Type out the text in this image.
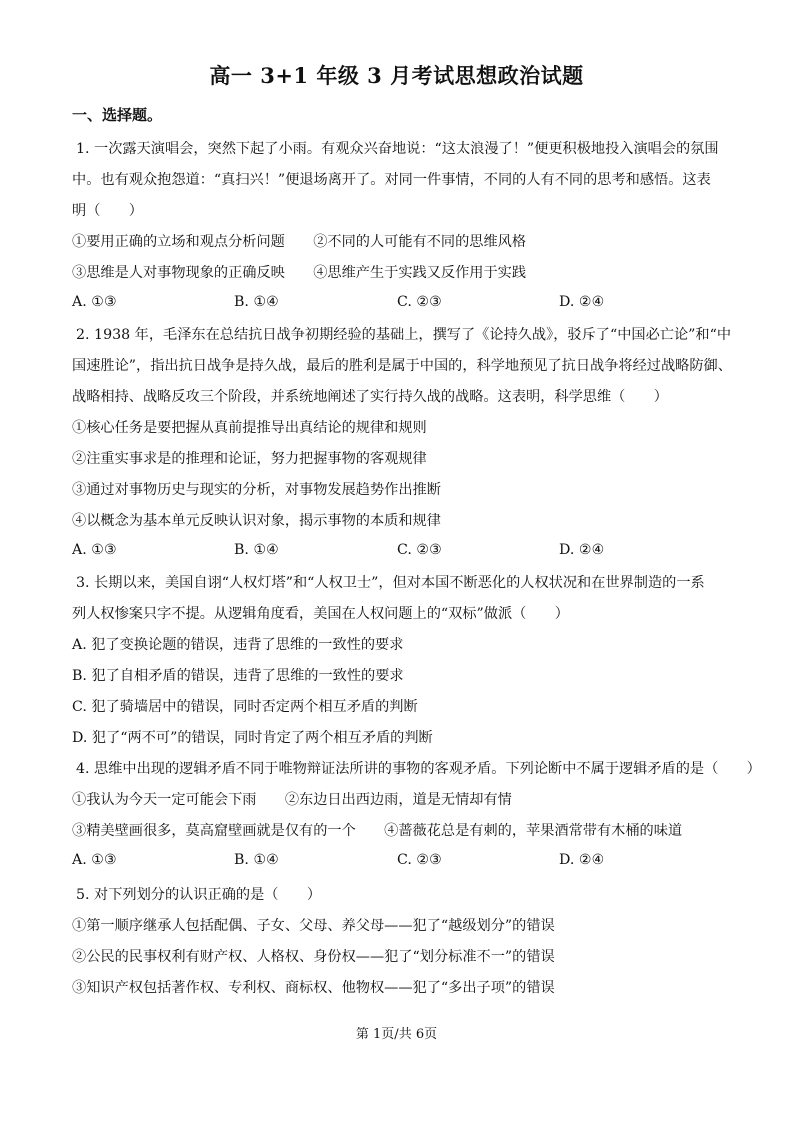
高一 3+1 年级 3 月考试思想政治试题
一、选择题。
1. 一次露天演唱会，突然下起了小雨。有观众兴奋地说：“这太浪漫了！”便更积极地投入演唱会的氛围
中。也有观众抱怨道：“真扫兴！”便退场离开了。对同一件事情，不同的人有不同的思考和感悟。这表
明（　　）
①要用正确的立场和观点分析问题　　②不同的人可能有不同的思维风格
③思维是人对事物现象的正确反映　　④思维产生于实践又反作用于实践
A. ①③	B. ①④	C. ②③	D. ②④
2. 1938 年，毛泽东在总结抗日战争初期经验的基础上，撰写了《论持久战》，驳斥了“中国必亡论”和“中
国速胜论”，指出抗日战争是持久战，最后的胜利是属于中国的，科学地预见了抗日战争将经过战略防御、
战略相持、战略反攻三个阶段，并系统地阐述了实行持久战的战略。这表明，科学思维（　　）
①核心任务是要把握从真前提推导出真结论的规律和规则
②注重实事求是的推理和论证，努力把握事物的客观规律
③通过对事物历史与现实的分析，对事物发展趋势作出推断
④以概念为基本单元反映认识对象，揭示事物的本质和规律
A. ①③	B. ①④	C. ②③	D. ②④
3. 长期以来，美国自诩“人权灯塔”和“人权卫士”，但对本国不断恶化的人权状况和在世界制造的一系
列人权惨案只字不提。从逻辑角度看，美国在人权问题上的“双标”做派（　　）
A. 犯了变换论题的错误，违背了思维的一致性的要求
B. 犯了自相矛盾的错误，违背了思维的一致性的要求
C. 犯了骑墙居中的错误，同时否定两个相互矛盾的判断
D. 犯了“两不可”的错误，同时肯定了两个相互矛盾的判断
4. 思维中出现的逻辑矛盾不同于唯物辩证法所讲的事物的客观矛盾。下列论断中不属于逻辑矛盾的是（　　）
①我认为今天一定可能会下雨　　②东边日出西边雨，道是无情却有情
③精美壁画很多，莫高窟壁画就是仅有的一个　　④蔷薇花总是有刺的，苹果酒常带有木桶的味道
A. ①③	B. ①④	C. ②③	D. ②④
5. 对下列划分的认识正确的是（　　）
①第一顺序继承人包括配偶、子女、父母、养父母——犯了“越级划分”的错误
②公民的民事权利有财产权、人格权、身份权——犯了“划分标准不一”的错误
③知识产权包括著作权、专利权、商标权、他物权——犯了“多出子项”的错误
第 1页/共 6页
